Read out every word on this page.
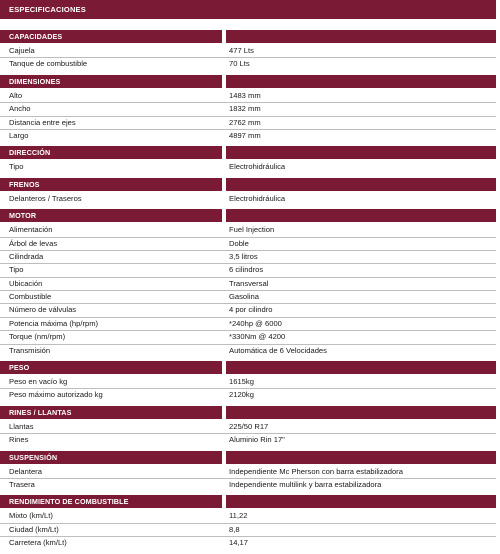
ESPECIFICACIONES
CAPACIDADES
Cajuela	477 Lts
Tanque de combustible	70 Lts
DIMENSIONES
Alto	1483 mm
Ancho	1832 mm
Distancia entre ejes	2762 mm
Largo	4897 mm
DIRECCIÓN
Tipo	Electrohidráulica
FRENOS
Delanteros / Traseros	Electrohidráulica
MOTOR
Alimentación	Fuel Injection
Árbol de levas	Doble
Cilindrada	3,5 litros
Tipo	6 cilindros
Ubicación	Transversal
Combustible	Gasolina
Número de válvulas	4 por cilindro
Potencia máxima (hp/rpm)	*240hp @ 6000
Torque (nm/rpm)	*330Nm @ 4200
Transmisión	Automática de 6 Velocidades
PESO
Peso en vacío kg	1615kg
Peso máximo autorizado kg	2120kg
RINES / LLANTAS
Llantas	225/50 R17
Rines	Aluminio Rin 17"
SUSPENSIÓN
Delantera	Independiente Mc Pherson con barra estabilizadora
Trasera	Independiente multilink y barra estabilizadora
RENDIMIENTO DE COMBUSTIBLE
Mixto (km/Lt)	11,22
Ciudad (km/Lt)	8,8
Carretera (km/Lt)	14,17
